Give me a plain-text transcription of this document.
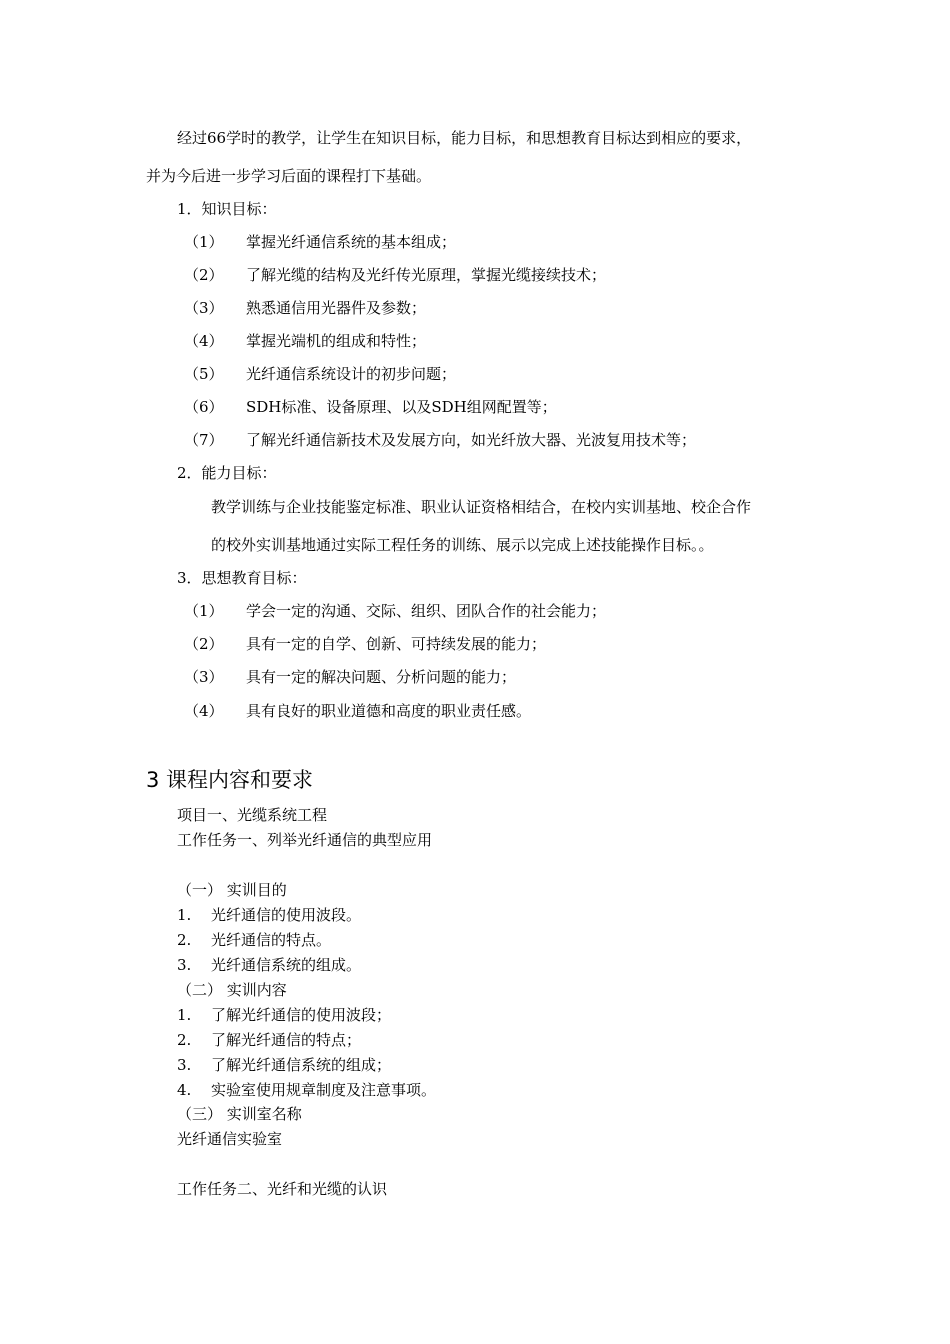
经过66学时的教学，让学生在知识目标，能力目标，和思想教育目标达到相应的要求，
并为今后进一步学习后面的课程打下基础。
1．知识目标：
（1） 掌握光纤通信系统的基本组成；
（2） 了解光缆的结构及光纤传光原理，掌握光缆接续技术；
（3） 熟悉通信用光器件及参数；
（4） 掌握光端机的组成和特性；
（5） 光纤通信系统设计的初步问题；
（6） SDH标准、设备原理、以及SDH组网配置等；
（7） 了解光纤通信新技术及发展方向，如光纤放大器、光波复用技术等；
2．能力目标：
教学训练与企业技能鉴定标准、职业认证资格相结合，在校内实训基地、校企合作
的校外实训基地通过实际工程任务的训练、展示以完成上述技能操作目标。。
3．思想教育目标：
（1） 学会一定的沟通、交际、组织、团队合作的社会能力；
（2） 具有一定的自学、创新、可持续发展的能力；
（3） 具有一定的解决问题、分析问题的能力；
（4） 具有良好的职业道德和高度的职业责任感。
3 课程内容和要求
项目一、光缆系统工程
工作任务一、列举光纤通信的典型应用
（一） 实训目的
1. 光纤通信的使用波段。
2. 光纤通信的特点。
3. 光纤通信系统的组成。
（二） 实训内容
1. 了解光纤通信的使用波段；
2. 了解光纤通信的特点；
3. 了解光纤通信系统的组成；
4. 实验室使用规章制度及注意事项。
（三） 实训室名称
光纤通信实验室
工作任务二、光纤和光缆的认识
